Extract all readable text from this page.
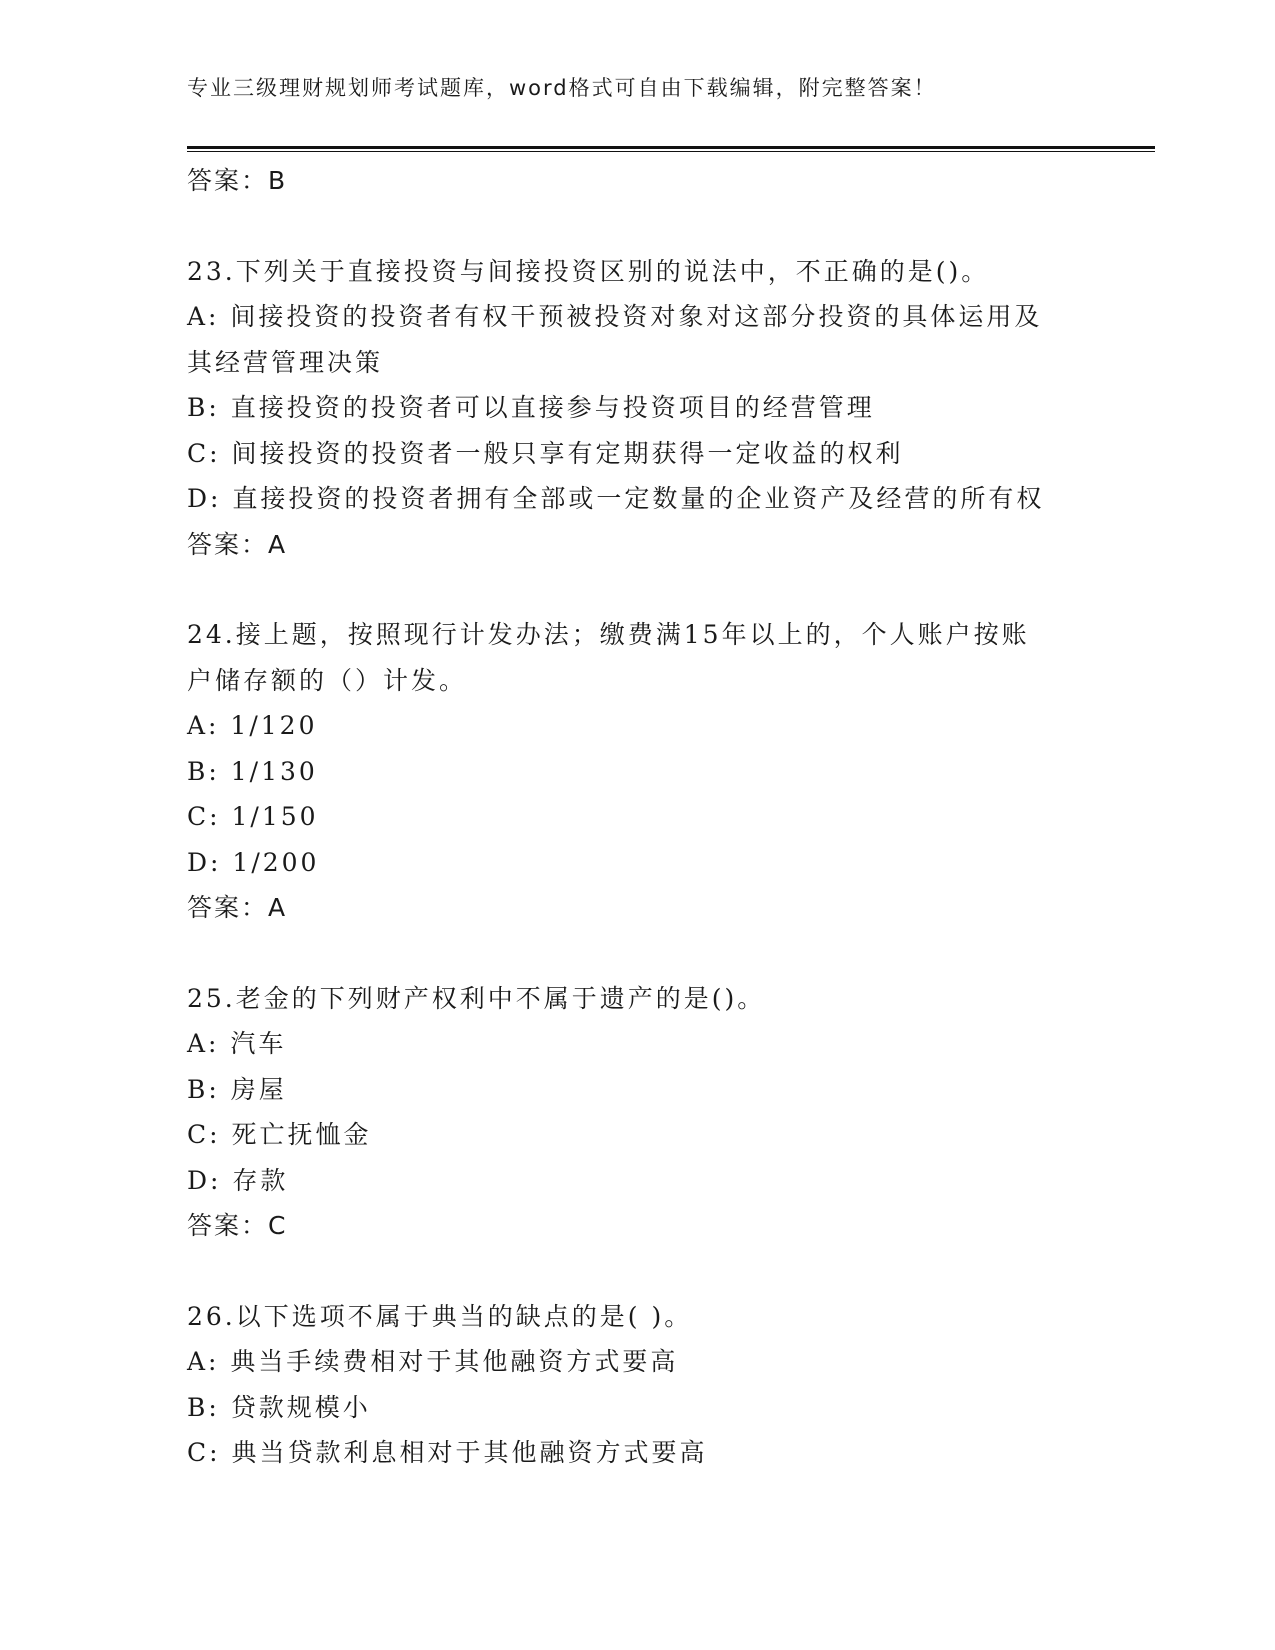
专业三级理财规划师考试题库，word格式可自由下载编辑，附完整答案！
答案：B
23.下列关于直接投资与间接投资区别的说法中，不正确的是()。
A: 间接投资的投资者有权干预被投资对象对这部分投资的具体运用及
其经营管理决策
B: 直接投资的投资者可以直接参与投资项目的经营管理
C: 间接投资的投资者一般只享有定期获得一定收益的权利
D: 直接投资的投资者拥有全部或一定数量的企业资产及经营的所有权
答案：A
24.接上题，按照现行计发办法；缴费满15年以上的，个人账户按账
户储存额的（）计发。
A: 1/120
B: 1/130
C: 1/150
D: 1/200
答案：A
25.老金的下列财产权利中不属于遗产的是()。
A: 汽车
B: 房屋
C: 死亡抚恤金
D: 存款
答案：C
26.以下选项不属于典当的缺点的是( )。
A: 典当手续费相对于其他融资方式要高
B: 贷款规模小
C: 典当贷款利息相对于其他融资方式要高
